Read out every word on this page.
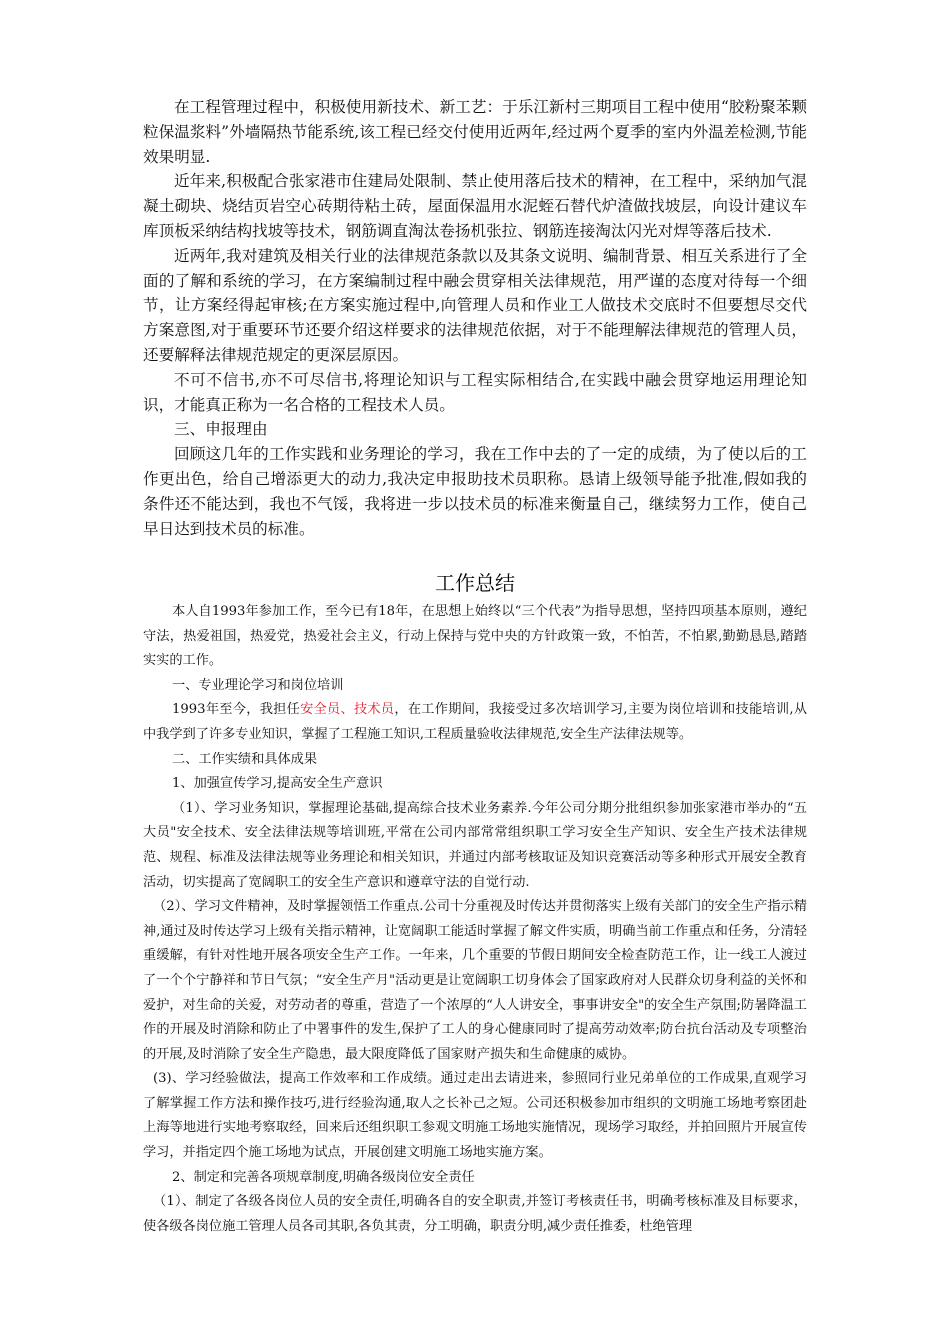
在工程管理过程中，积极使用新技术、新工艺：于乐江新村三期项目工程中使用“胶粉聚苯颗粒保温浆料”外墙隔热节能系统,该工程已经交付使用近两年,经过两个夏季的室内外温差检测,节能效果明显.

近年来,积极配合张家港市住建局处限制、禁止使用落后技术的精神，在工程中，采纳加气混凝土砌块、烧结页岩空心砖期待粘土砖，屋面保温用水泥蛭石替代炉渣做找坡层，向设计建议车库顶板采纳结构找坡等技术，钢筋调直淘汰卷扬机张拉、钢筋连接淘汰闪光对焊等落后技术.

近两年,我对建筑及相关行业的法律规范条款以及其条文说明、编制背景、相互关系进行了全面的了解和系统的学习，在方案编制过程中融会贯穿相关法律规范，用严谨的态度对待每一个细节，让方案经得起审核;在方案实施过程中,向管理人员和作业工人做技术交底时不但要想尽交代方案意图,对于重要环节还要介绍这样要求的法律规范依据，对于不能理解法律规范的管理人员，还要解释法律规范规定的更深层原因。

不可不信书,亦不可尽信书,将理论知识与工程实际相结合,在实践中融会贯穿地运用理论知识，才能真正称为一名合格的工程技术人员。

三、申报理由

回顾这几年的工作实践和业务理论的学习，我在工作中去的了一定的成绩，为了使以后的工作更出色，给自己增添更大的动力,我决定申报助技术员职称。恳请上级领导能予批准,假如我的条件还不能达到，我也不气馁，我将进一步以技术员的标准来衡量自己，继续努力工作，使自己早日达到技术员的标准。

工作总结

本人自1993年参加工作，至今已有18年，在思想上始终以“三个代表”为指导思想，坚持四项基本原则，遵纪守法，热爱祖国，热爱党，热爱社会主义，行动上保持与党中央的方针政策一致，不怕苦，不怕累,勤勤恳恳,踏踏实实的工作。

一、专业理论学习和岗位培训

1993年至今，我担任安全员、技术员，在工作期间，我接受过多次培训学习,主要为岗位培训和技能培训,从中我学到了许多专业知识，掌握了工程施工知识,工程质量验收法律规范,安全生产法律法规等。

二、工作实绩和具体成果

1、加强宣传学习,提高安全生产意识

（1）、学习业务知识，掌握理论基础,提高综合技术业务素养.今年公司分期分批组织参加张家港市举办的“五大员"安全技术、安全法律法规等培训班,平常在公司内部常常组织职工学习安全生产知识、安全生产技术法律规范、规程、标准及法律法规等业务理论和相关知识，并通过内部考核取证及知识竞赛活动等多种形式开展安全教育活动，切实提高了宽阔职工的安全生产意识和遵章守法的自觉行动.

（2）、学习文件精神，及时掌握领悟工作重点.公司十分重视及时传达并贯彻落实上级有关部门的安全生产指示精神,通过及时传达学习上级有关指示精神，让宽阔职工能适时掌握了解文件实质，明确当前工作重点和任务，分清轻重缓解，有针对性地开展各项安全生产工作。一年来，几个重要的节假日期间安全检查防范工作，让一线工人渡过了一个个宁静祥和节日气氛；“安全生产月"活动更是让宽阔职工切身体会了国家政府对人民群众切身利益的关怀和爱护，对生命的关爱，对劳动者的尊重，营造了一个浓厚的“人人讲安全，事事讲安全"的安全生产氛围;防暑降温工作的开展及时消除和防止了中署事件的发生,保护了工人的身心健康同时了提高劳动效率;防台抗台活动及专项整治的开展,及时消除了安全生产隐患，最大限度降低了国家财产损失和生命健康的威协。

(3)、学习经验做法，提高工作效率和工作成绩。通过走出去请进来，参照同行业兄弟单位的工作成果,直观学习了解掌握工作方法和操作技巧,进行经验沟通,取人之长补己之短。公司还积极参加市组织的文明施工场地考察团赴上海等地进行实地考察取经，回来后还组织职工参观文明施工场地实施情况，现场学习取经，并拍回照片开展宣传学习，并指定四个施工场地为试点，开展创建文明施工场地实施方案。

2、制定和完善各项规章制度,明确各级岗位安全责任

（1）、制定了各级各岗位人员的安全责任,明确各自的安全职责,并签订考核责任书，明确考核标准及目标要求，使各级各岗位施工管理人员各司其职,各负其责，分工明确，职责分明,减少责任推委，杜绝管理
